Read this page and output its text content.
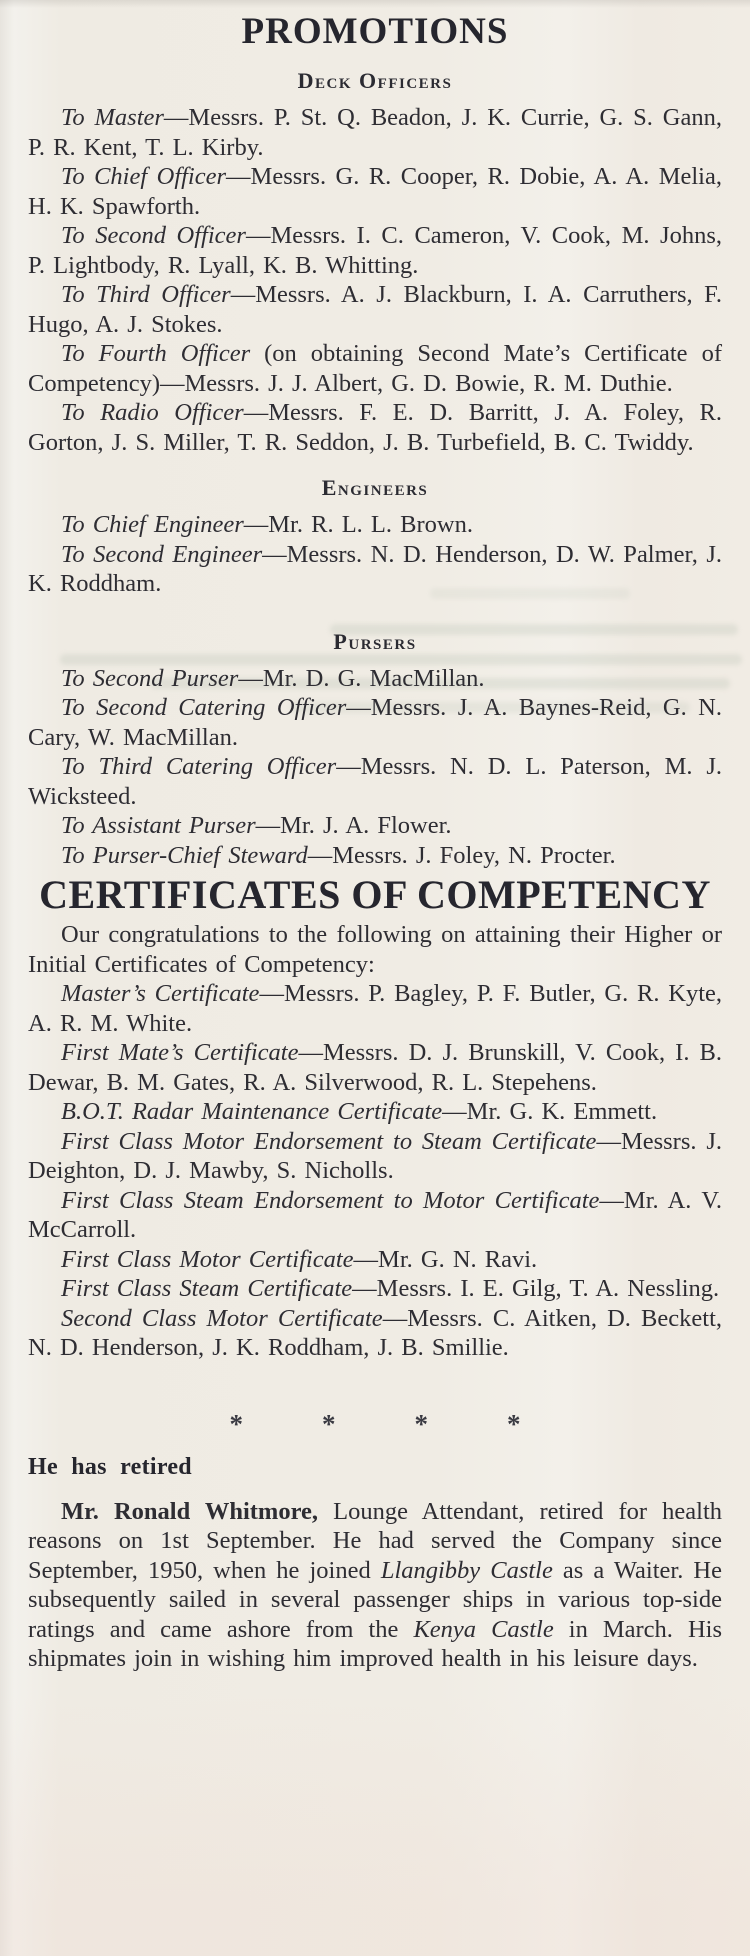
PROMOTIONS
Deck Officers

To Master—Messrs. P. St. Q. Beadon, J. K. Currie, G. S. Gann, P. R. Kent, T. L. Kirby.

To Chief Officer—Messrs. G. R. Cooper, R. Dobie, A. A. Melia, H. K. Spawforth.

To Second Officer—Messrs. I. C. Cameron, V. Cook, M. Johns, P. Lightbody, R. Lyall, K. B. Whitting.

To Third Officer—Messrs. A. J. Blackburn, I. A. Carruthers, F. Hugo, A. J. Stokes.

To Fourth Officer (on obtaining Second Mate’s Certificate of Competency)—Messrs. J. J. Albert, G. D. Bowie, R. M. Duthie.

To Radio Officer—Messrs. F. E. D. Barritt, J. A. Foley, R. Gorton, J. S. Miller, T. R. Seddon, J. B. Turbefield, B. C. Twiddy.

Engineers

To Chief Engineer—Mr. R. L. L. Brown.

To Second Engineer—Messrs. N. D. Henderson, D. W. Palmer, J. K. Roddham.

Pursers

To Second Purser—Mr. D. G. MacMillan.

To Second Catering Officer—Messrs. J. A. Baynes-Reid, G. N. Cary, W. MacMillan.

To Third Catering Officer—Messrs. N. D. L. Paterson, M. J. Wicksteed.

To Assistant Purser—Mr. J. A. Flower.

To Purser-Chief Steward—Messrs. J. Foley, N. Procter.

CERTIFICATES OF COMPETENCY

Our congratulations to the following on attaining their Higher or Initial Certificates of Competency:

Master’s Certificate—Messrs. P. Bagley, P. F. Butler, G. R. Kyte, A. R. M. White.

First Mate’s Certificate—Messrs. D. J. Brunskill, V. Cook, I. B. Dewar, B. M. Gates, R. A. Silverwood, R. L. Stepehens.

B.O.T. Radar Maintenance Certificate—Mr. G. K. Emmett.

First Class Motor Endorsement to Steam Certificate—Messrs. J. Deighton, D. J. Mawby, S. Nicholls.

First Class Steam Endorsement to Motor Certificate—Mr. A. V. McCarroll.

First Class Motor Certificate—Mr. G. N. Ravi.

First Class Steam Certificate—Messrs. I. E. Gilg, T. A. Nessling.

Second Class Motor Certificate—Messrs. C. Aitken, D. Beckett, N. D. Henderson, J. K. Roddham, J. B. Smillie.

*	*	*	*
He has retired

Mr. Ronald Whitmore, Lounge Attendant, retired for health reasons on 1st September. He had served the Company since September, 1950, when he joined Llangibby Castle as a Waiter. He subsequently sailed in several passenger ships in various top-side ratings and came ashore from the Kenya Castle in March. His shipmates join in wishing him improved health in his leisure days.
